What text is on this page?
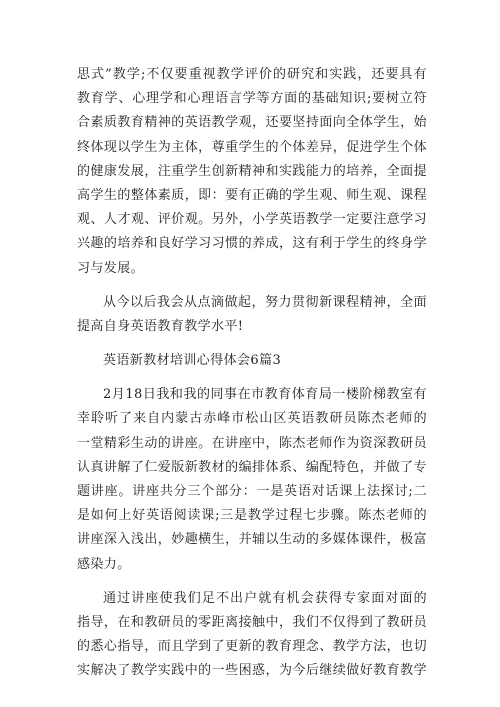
思式”教学;不仅要重视教学评价的研究和实践，还要具有
教育学、心理学和心理语言学等方面的基础知识;要树立符
合素质教育精神的英语教学观，还要坚持面向全体学生，始
终体现以学生为主体，尊重学生的个体差异，促进学生个体
的健康发展，注重学生创新精神和实践能力的培养，全面提
高学生的整体素质，即：要有正确的学生观、师生观、课程
观、人才观、评价观。另外，小学英语教学一定要注意学习
兴趣的培养和良好学习习惯的养成，这有利于学生的终身学
习与发展。
从今以后我会从点滴做起，努力贯彻新课程精神，全面
提高自身英语教育教学水平!
英语新教材培训心得体会6篇3
2月18日我和我的同事在市教育体育局一楼阶梯教室有
幸聆听了来自内蒙古赤峰市松山区英语教研员陈杰老师的
一堂精彩生动的讲座。在讲座中，陈杰老师作为资深教研员
认真讲解了仁爱版新教材的编排体系、编配特色，并做了专
题讲座。讲座共分三个部分：一是英语对话课上法探讨;二
是如何上好英语阅读课;三是教学过程七步骤。陈杰老师的
讲座深入浅出，妙趣横生，并辅以生动的多媒体课件，极富
感染力。
通过讲座使我们足不出户就有机会获得专家面对面的
指导，在和教研员的零距离接触中，我们不仅得到了教研员
的悉心指导，而且学到了更新的教育理念、教学方法，也切
实解决了教学实践中的一些困惑，为今后继续做好教育教学
